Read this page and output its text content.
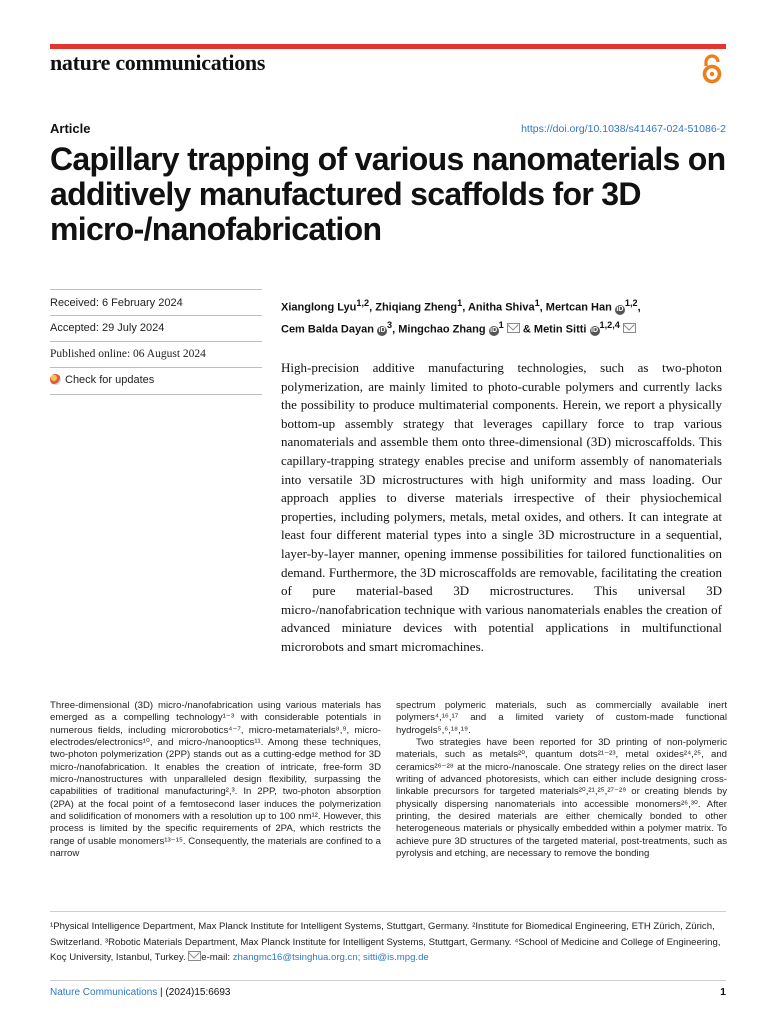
nature communications
Article	https://doi.org/10.1038/s41467-024-51086-2
Capillary trapping of various nanomaterials on additively manufactured scaffolds for 3D micro-/nanofabrication
Received: 6 February 2024
Accepted: 29 July 2024
Published online: 06 August 2024
Check for updates
Xianglong Lyu$^{1,2}$, Zhiqiang Zheng$^1$, Anitha Shiva$^1$, Mertcan Han iD$^{1,2}$,
Cem Balda Dayan $iD^3$, Mingchao Zhang $iD^1$ & Metin Sitti iD$^{1,2,4}$

High-precision additive manufacturing technologies, such as two-photon polymerization, are mainly limited to photo-curable polymers and currently lacks the possibility to produce multimaterial components. Herein, we report a physically bottom-up assembly strategy that leverages capillary force to trap various nanomaterials and assemble them onto three-dimensional (3D) microscaffolds. This capillary-trapping strategy enables precise and uniform assembly of nanomaterials into versatile 3D microstructures with high uniformity and mass loading. Our approach applies to diverse materials irrespective of their physiochemical properties, including polymers, metals, metal oxides, and others. It can integrate at least four different material types into a single 3D microstructure in a sequential, layer-by-layer manner, opening immense possibilities for tailored functionalities on demand. Furthermore, the 3D microscaffolds are removable, facilitating the creation of pure material-based 3D microstructures. This universal 3D micro-/nanofabrication technique with various nanomaterials enables the creation of advanced miniature devices with potential applications in multifunctional microrobots and smart micromachines.

Three-dimensional (3D) micro-/nanofabrication using various materials has emerged as a compelling technology¹⁻³ with considerable potentials in numerous fields, including microrobotics⁴⁻⁷, micro-metamaterials⁸,⁹, micro-electrodes/electronics¹⁰, and micro-/nanooptics¹¹. Among these techniques, two-photon polymerization (2PP) stands out as a cutting-edge method for 3D micro-/nanofabrication. It enables the creation of intricate, free-form 3D micro-/nanostructures with unparalleled design flexibility, surpassing the capabilities of traditional manufacturing²,³. In 2PP, two-photon absorption (2PA) at the focal point of a femtosecond laser induces the polymerization and solidification of monomers with a resolution up to 100 nm¹². However, this process is limited by the specific requirements of 2PA, which restricts the range of usable monomers¹³⁻¹⁵. Consequently, the materials are confined to a narrow

spectrum polymeric materials, such as commercially available inert polymers⁴,¹⁶,¹⁷ and a limited variety of custom-made functional hydrogels⁵,⁶,¹⁸,¹⁹.

Two strategies have been reported for 3D printing of non-polymeric materials, such as metals²⁰, quantum dots²¹⁻²³, metal oxides²⁴,²⁵, and ceramics²⁶⁻²⁸ at the micro-/nanoscale. One strategy relies on the direct laser writing of advanced photoresists, which can either include designing cross-linkable precursors for targeted materials²⁰,²¹,²⁵,²⁷⁻²⁹ or creating blends by physically dispersing nanomaterials into accessible monomers²⁶,³⁰. After printing, the desired materials are either chemically bonded to other heterogeneous materials or physically embedded within a polymer matrix. To achieve pure 3D structures of the targeted material, post-treatments, such as pyrolysis and etching, are necessary to remove the bonding

¹Physical Intelligence Department, Max Planck Institute for Intelligent Systems, Stuttgart, Germany. ²Institute for Biomedical Engineering, ETH Zürich, Zürich, Switzerland. ³Robotic Materials Department, Max Planck Institute for Intelligent Systems, Stuttgart, Germany. ⁴School of Medicine and College of Engineering, Koç University, Istanbul, Turkey. e-mail: zhangmc16@tsinghua.org.cn; sitti@is.mpg.de

Nature Communications | (2024)15:6693	1
